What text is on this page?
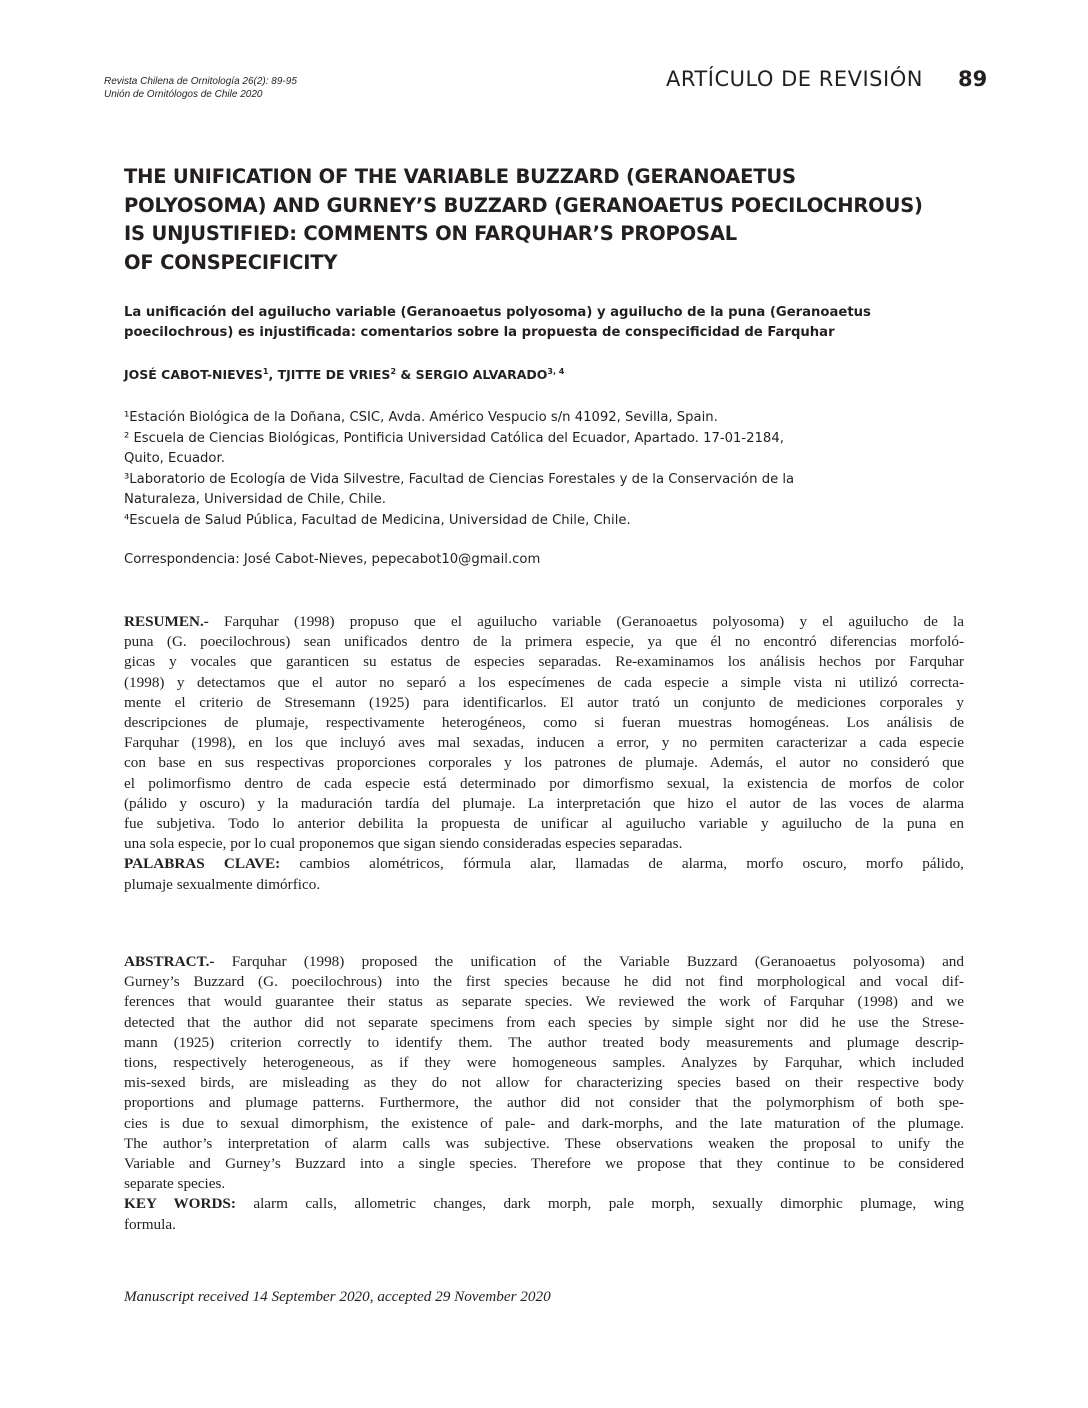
Revista Chilena de Ornitología 26(2): 89-95
Unión de Ornitólogos de Chile 2020
ARTÍCULO DE REVISIÓN 89
THE UNIFICATION OF THE VARIABLE BUZZARD (GERANOAETUS
POLYOSOMA) AND GURNEY’S BUZZARD (GERANOAETUS POECILOCHROUS)
IS UNJUSTIFIED: COMMENTS ON FARQUHAR’S PROPOSAL
OF CONSPECIFICITY
La unificación del aguilucho variable (Geranoaetus polyosoma) y aguilucho de la puna (Geranoaetus
poecilochrous) es injustificada: comentarios sobre la propuesta de conspecificidad de Farquhar
JOSÉ CABOT-NIEVES$^1$, TJITTE DE VRIES$^2$ & SERGIO ALVARADO$^{3, 4}$
¹Estación Biológica de la Doñana, CSIC, Avda. Américo Vespucio s/n 41092, Sevilla, Spain.
² Escuela de Ciencias Biológicas, Pontificia Universidad Católica del Ecuador, Apartado. 17-01-2184,
Quito, Ecuador.
³Laboratorio de Ecología de Vida Silvestre, Facultad de Ciencias Forestales y de la Conservación de la
Naturaleza, Universidad de Chile, Chile.
⁴Escuela de Salud Pública, Facultad de Medicina, Universidad de Chile, Chile.
Correspondencia: José Cabot-Nieves, pepecabot10@gmail.com
RESUMEN.- Farquhar (1998) propuso que el aguilucho variable (Geranoaetus polyosoma) y el aguilucho de la
puna (G. poecilochrous) sean unificados dentro de la primera especie, ya que él no encontró diferencias morfoló-
gicas y vocales que garanticen su estatus de especies separadas. Re-examinamos los análisis hechos por Farquhar
(1998) y detectamos que el autor no separó a los especímenes de cada especie a simple vista ni utilizó correcta-
mente el criterio de Stresemann (1925) para identificarlos. El autor trató un conjunto de mediciones corporales y
descripciones de plumaje, respectivamente heterogéneos, como si fueran muestras homogéneas. Los análisis de
Farquhar (1998), en los que incluyó aves mal sexadas, inducen a error, y no permiten caracterizar a cada especie
con base en sus respectivas proporciones corporales y los patrones de plumaje. Además, el autor no consideró que
el polimorfismo dentro de cada especie está determinado por dimorfismo sexual, la existencia de morfos de color
(pálido y oscuro) y la maduración tardía del plumaje. La interpretación que hizo el autor de las voces de alarma
fue subjetiva. Todo lo anterior debilita la propuesta de unificar al aguilucho variable y aguilucho de la puna en
una sola especie, por lo cual proponemos que sigan siendo consideradas especies separadas.
PALABRAS CLAVE: cambios alométricos, fórmula alar, llamadas de alarma, morfo oscuro, morfo pálido,
plumaje sexualmente dimórfico.
ABSTRACT.- Farquhar (1998) proposed the unification of the Variable Buzzard (Geranoaetus polyosoma) and
Gurney’s Buzzard (G. poecilochrous) into the first species because he did not find morphological and vocal dif-
ferences that would guarantee their status as separate species. We reviewed the work of Farquhar (1998) and we
detected that the author did not separate specimens from each species by simple sight nor did he use the Strese-
mann (1925) criterion correctly to identify them. The author treated body measurements and plumage descrip-
tions, respectively heterogeneous, as if they were homogeneous samples. Analyzes by Farquhar, which included
mis-sexed birds, are misleading as they do not allow for characterizing species based on their respective body
proportions and plumage patterns. Furthermore, the author did not consider that the polymorphism of both spe-
cies is due to sexual dimorphism, the existence of pale- and dark-morphs, and the late maturation of the plumage.
The author’s interpretation of alarm calls was subjective. These observations weaken the proposal to unify the
Variable and Gurney’s Buzzard into a single species. Therefore we propose that they continue to be considered
separate species.
KEY WORDS: alarm calls, allometric changes, dark morph, pale morph, sexually dimorphic plumage, wing
formula.
Manuscript received 14 September 2020, accepted 29 November 2020
